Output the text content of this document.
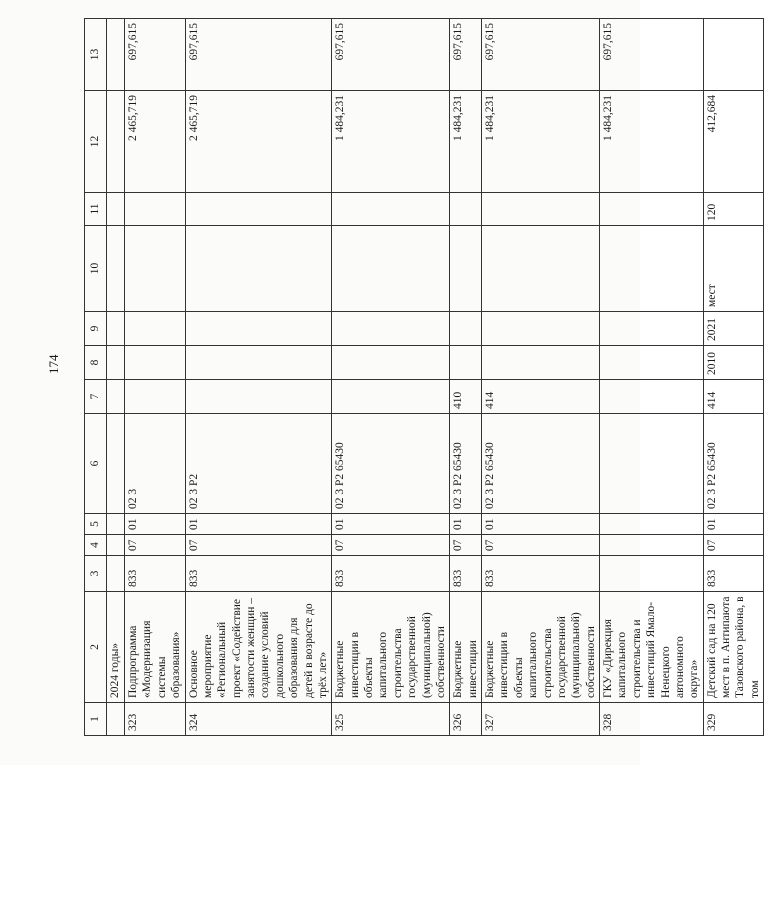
174
1	2	3	4	5	6	7	8	9	10	11	12	13
	2024 годы»											
323	Подпрограмма «Модернизация системы образования»	833	07	01	02 3						2 465,719	697,615
324	Основное мероприятие «Региональный проект «Содействие занятости женщин – создание условий дошкольного образования для детей в возрасте до трёх лет»	833	07	01	02 3 P2						2 465,719	697,615
325	Бюджетные инвестиции в объекты капитального строительства государственной (муниципальной) собственности	833	07	01	02 3 P2 65430						1 484,231	697,615
326	Бюджетные инвестиции	833	07	01	02 3 P2 65430	410					1 484,231	697,615
327	Бюджетные инвестиции в объекты капитального строительства государственной (муниципальной) собственности	833	07	01	02 3 P2 65430	414					1 484,231	697,615
328	ГКУ «Дирекция капитального строительства и инвестиций Ямало-Ненецкого автономного округа»										1 484,231	697,615
329	Детский сад на 120 мест в п. Антипаюта Тазовского района, в том	833	07	01	02 3 P2 65430	414	2010	2021	мест	120	412,684	
